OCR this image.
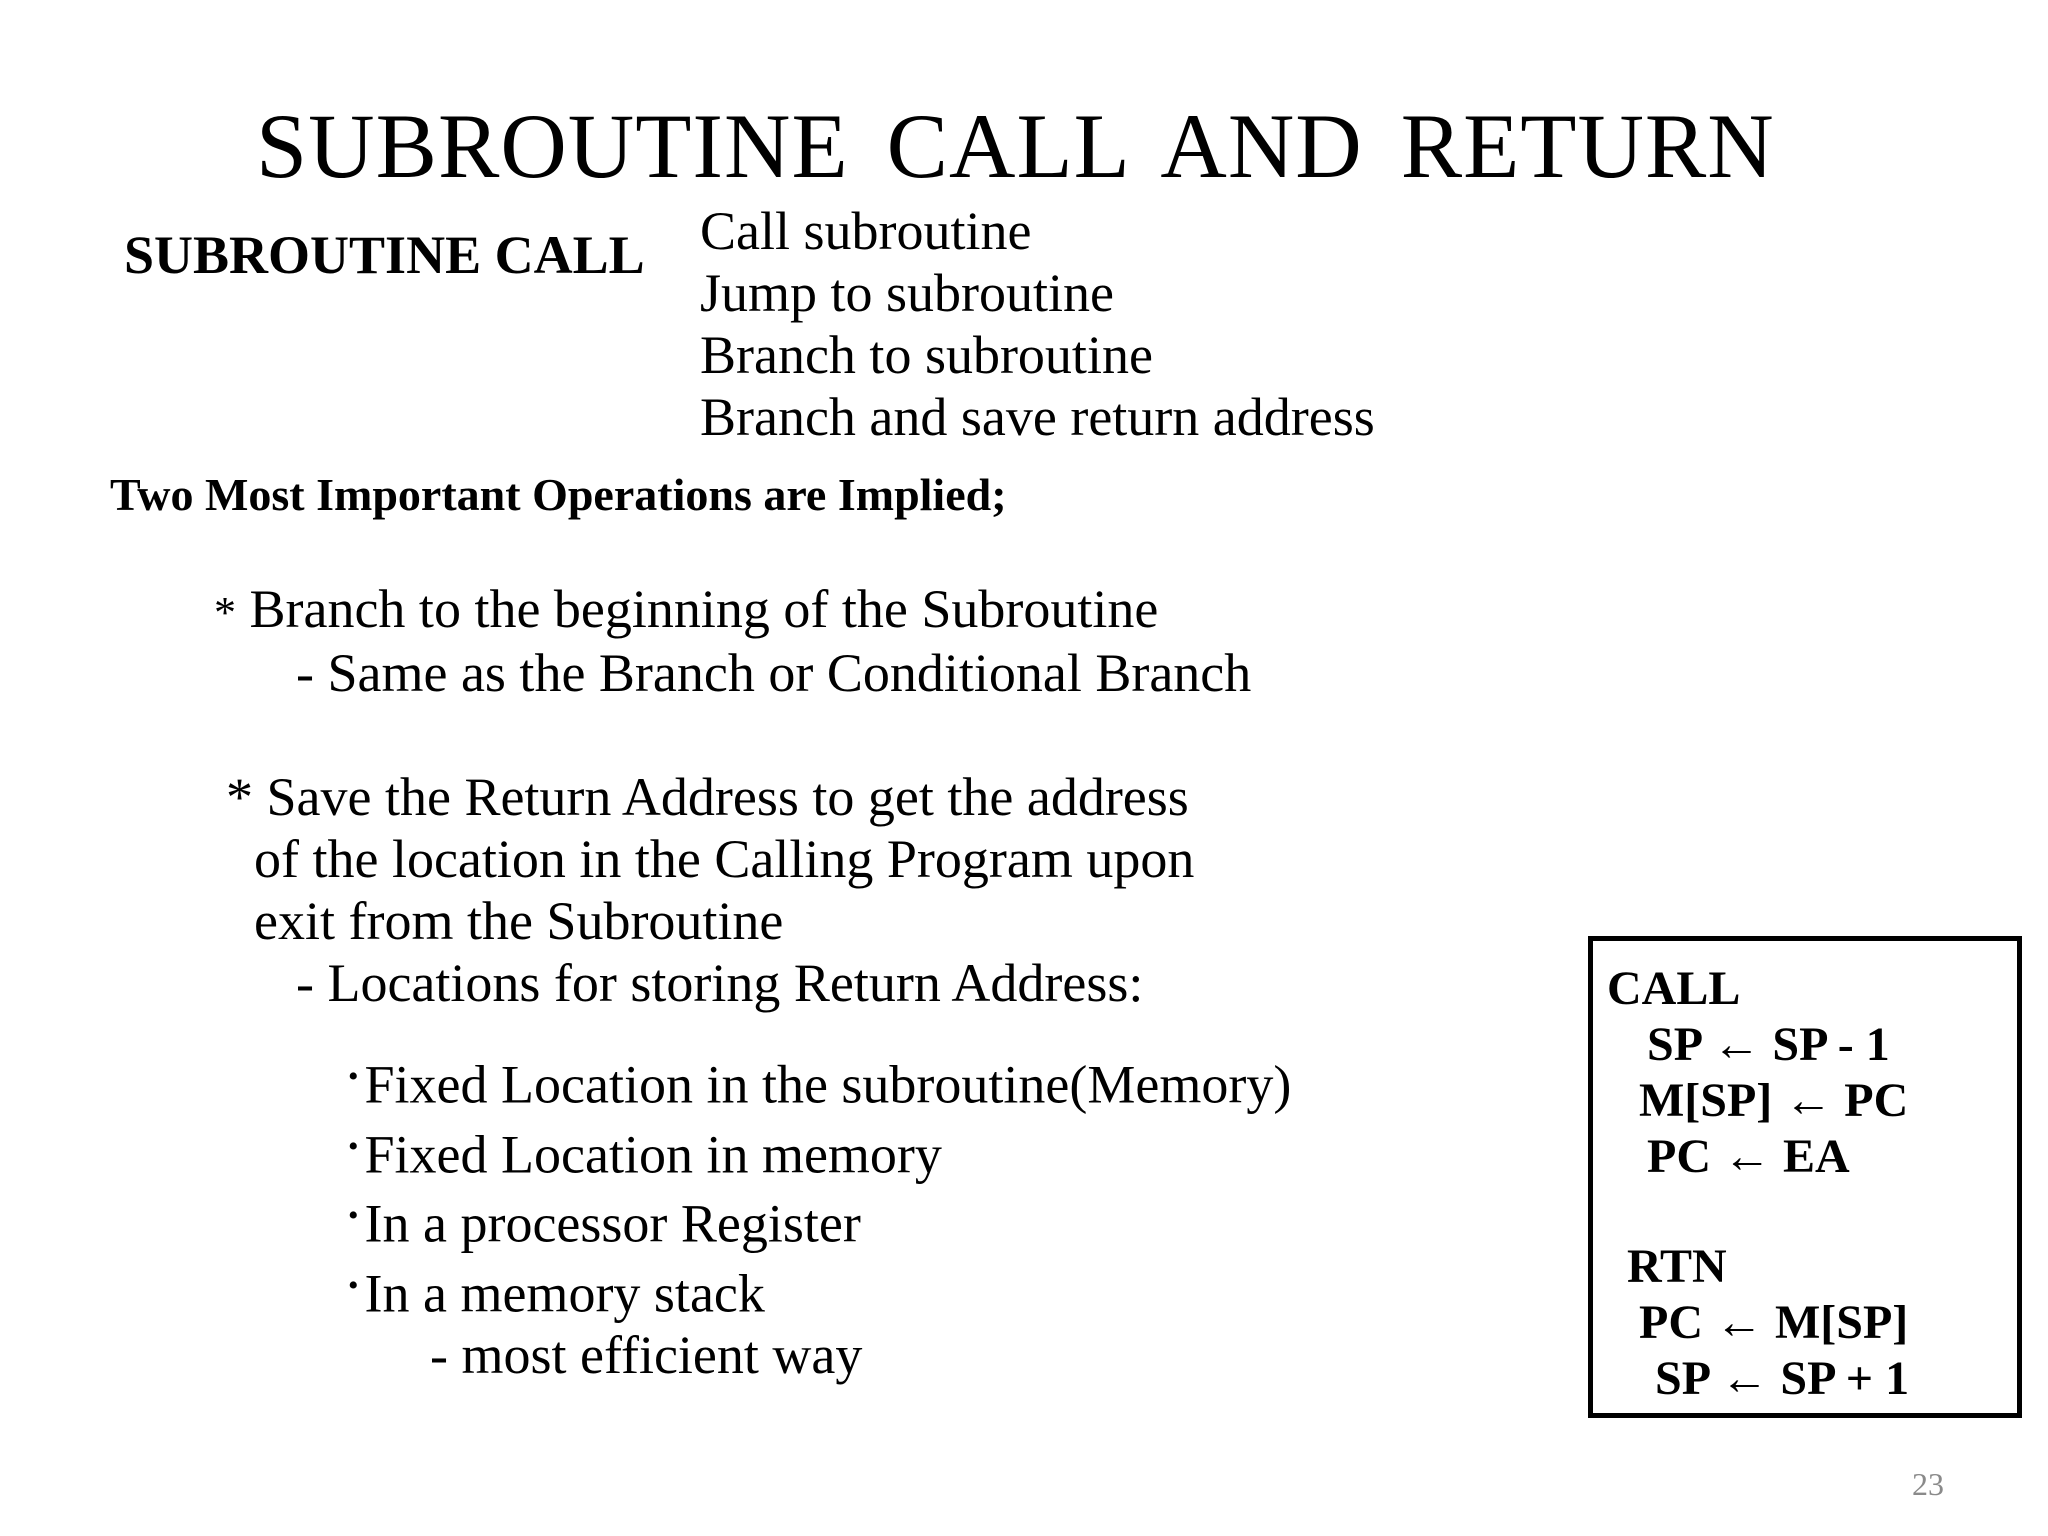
SUBROUTINE CALL AND RETURN
SUBROUTINE CALL Call subroutine
Jump to subroutine
Branch to subroutine
Branch and save return address
Two Most Important Operations are Implied;
* Branch to the beginning of the Subroutine
- Same as the Branch or Conditional Branch
* Save the Return Address to get the address
of the location in the Calling Program upon
exit from the Subroutine
- Locations for storing Return Address:
• Fixed Location in the subroutine(Memory)
• Fixed Location in memory
• In a processor Register
• In a memory stack
- most efficient way
CALL
SP ← SP - 1
M[SP] ← PC
PC ← EA
RTN
PC ← M[SP]
SP ← SP + 1
23
